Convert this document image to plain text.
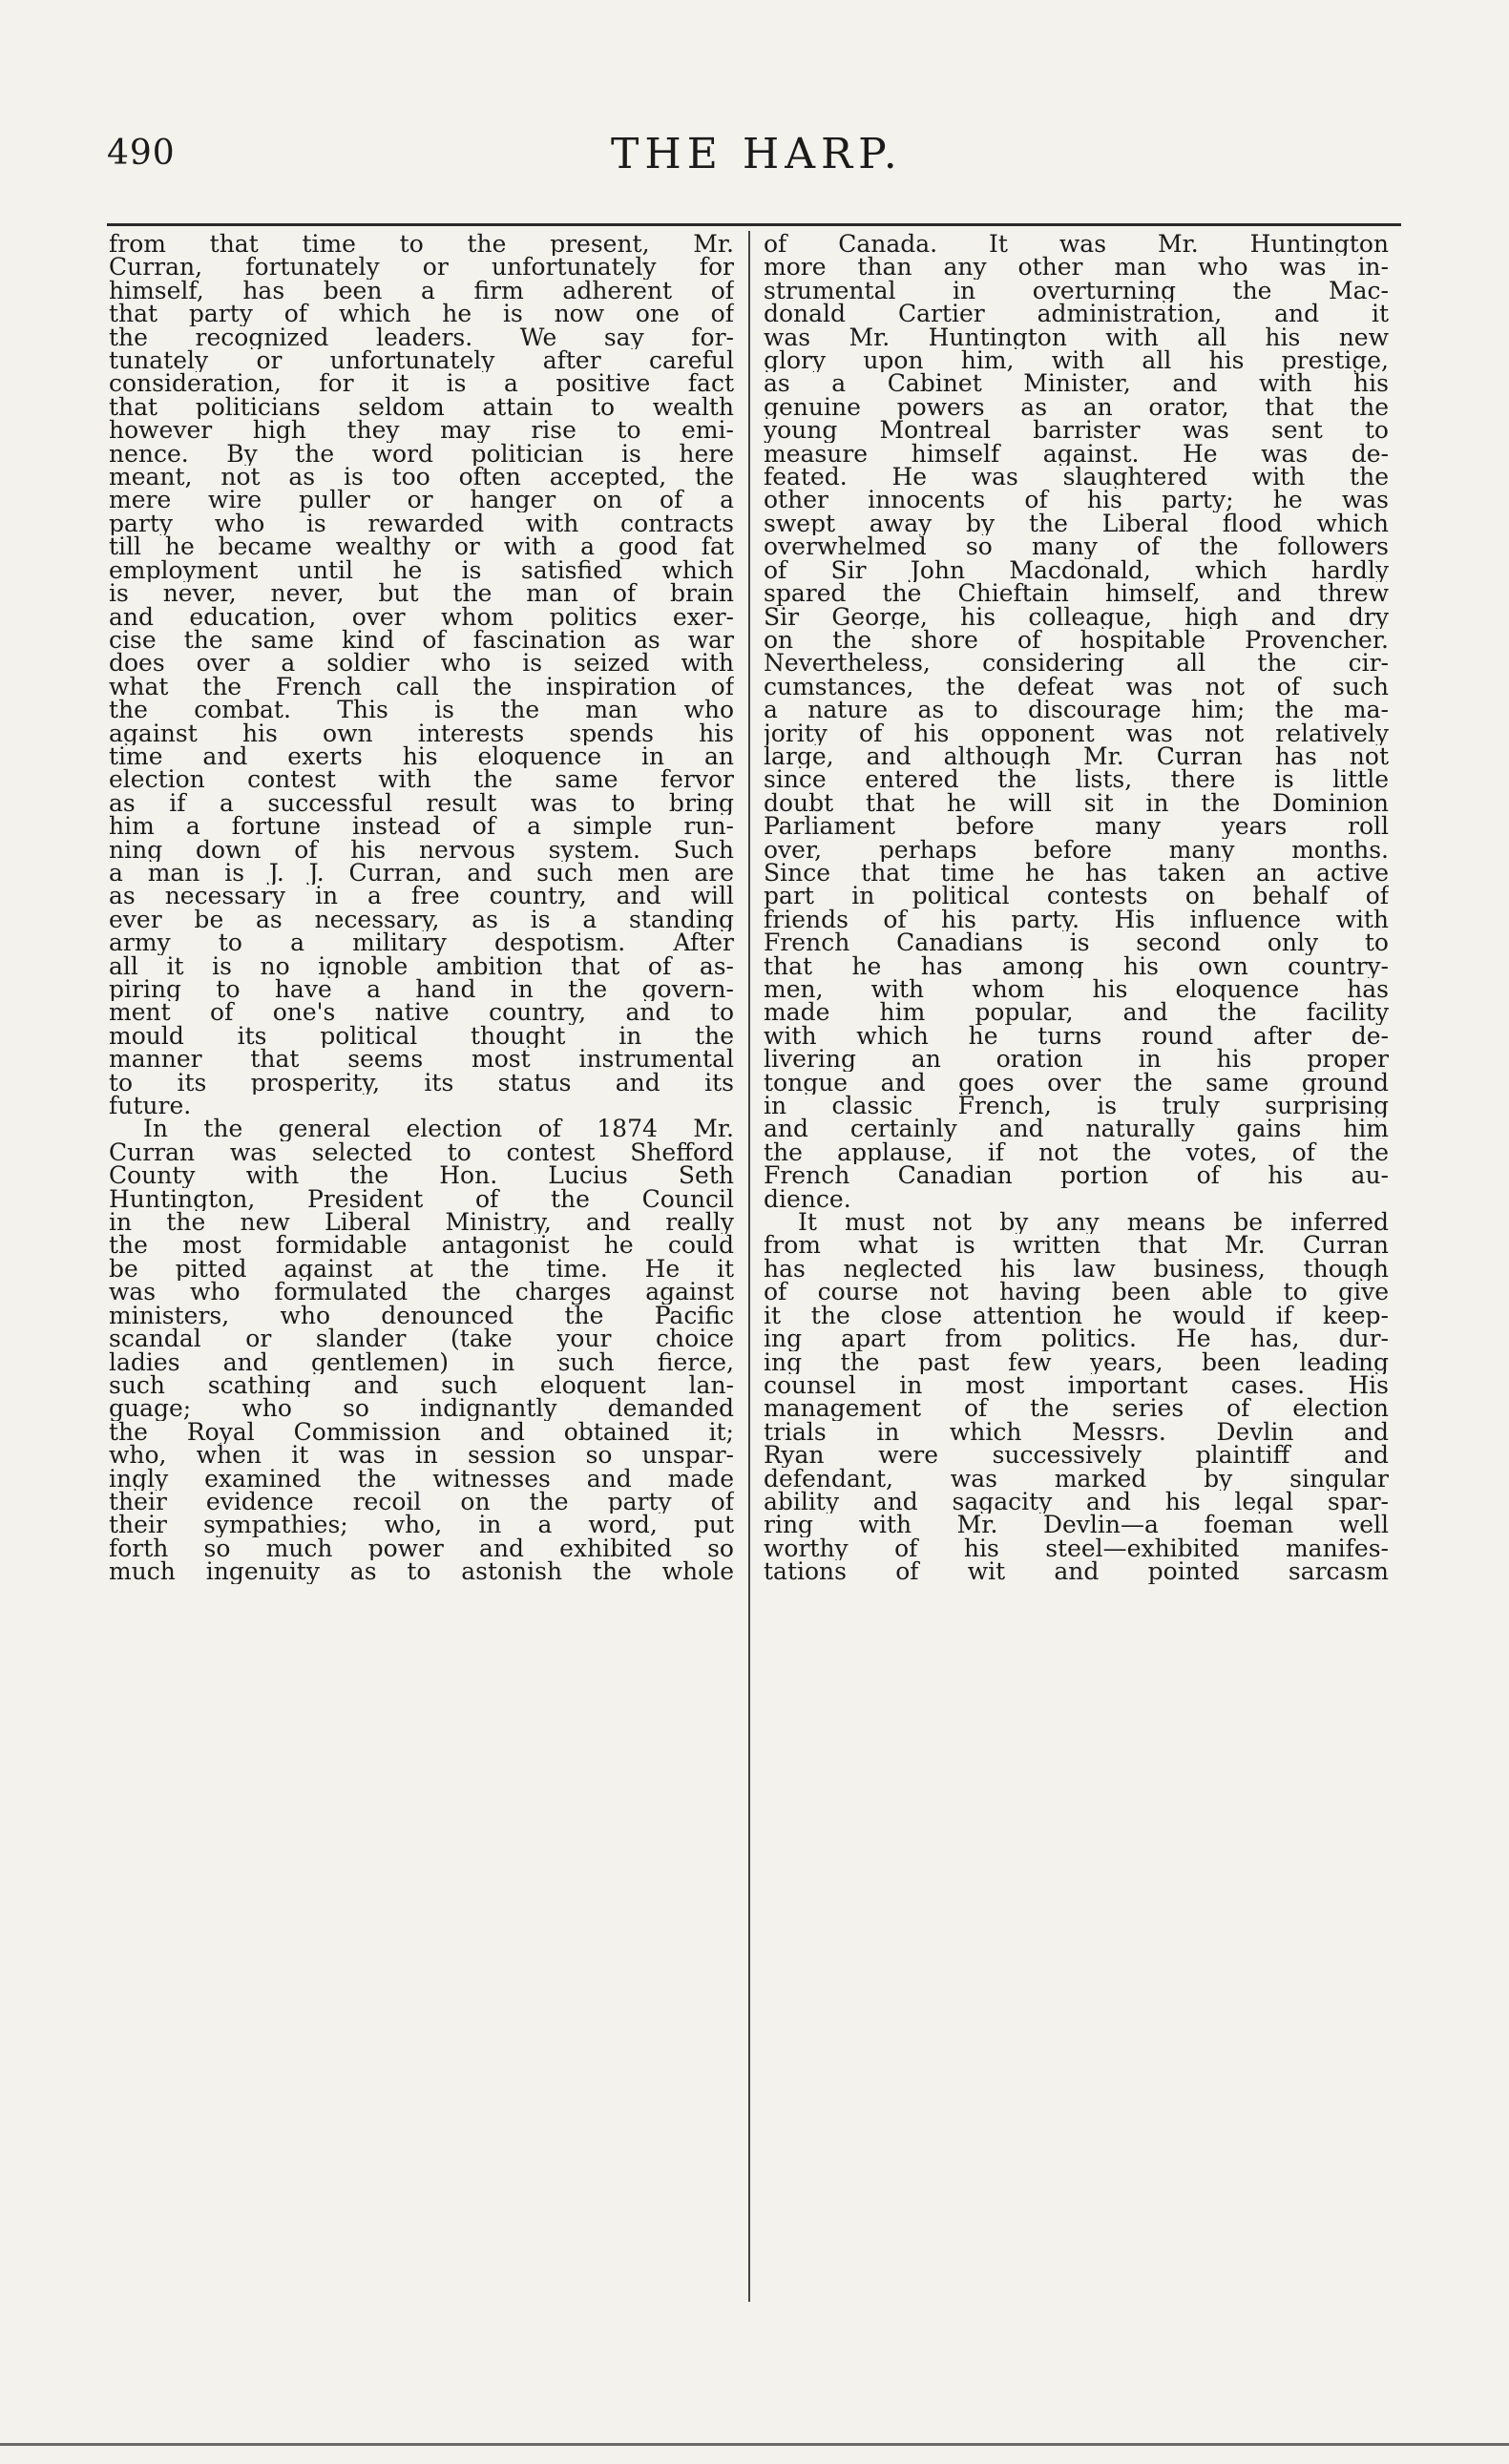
490	THE HARP.
from that time to the present, Mr.
Curran, fortunately or unfortunately for
himself, has been a firm adherent of
that party of which he is now one of
the recognized leaders. We say for-
tunately or unfortunately after careful
consideration, for it is a positive fact
that politicians seldom attain to wealth
however high they may rise to emi-
nence. By the word politician is here
meant, not as is too often accepted, the
mere wire puller or hanger on of a
party who is rewarded with contracts
till he became wealthy or with a good fat
employment until he is satisfied which
is never, never, but the man of brain
and education, over whom politics exer-
cise the same kind of fascination as war
does over a soldier who is seized with
what the French call the inspiration of
the combat. This is the man who
against his own interests spends his
time and exerts his eloquence in an
election contest with the same fervor
as if a successful result was to bring
him a fortune instead of a simple run-
ning down of his nervous system. Such
a man is J. J. Curran, and such men are
as necessary in a free country, and will
ever be as necessary, as is a standing
army to a military despotism. After
all it is no ignoble ambition that of as-
piring to have a hand in the govern-
ment of one's native country, and to
mould its political thought in the
manner that seems most instrumental
to its prosperity, its status and its
future.
In the general election of 1874 Mr.
Curran was selected to contest Shefford
County with the Hon. Lucius Seth
Huntington, President of the Council
in the new Liberal Ministry, and really
the most formidable antagonist he could
be pitted against at the time. He it
was who formulated the charges against
ministers, who denounced the Pacific
scandal or slander (take your choice
ladies and gentlemen) in such fierce,
such scathing and such eloquent lan-
guage; who so indignantly demanded
the Royal Commission and obtained it;
who, when it was in session so unspar-
ingly examined the witnesses and made
their evidence recoil on the party of
their sympathies; who, in a word, put
forth so much power and exhibited so
much ingenuity as to astonish the whole
of Canada. It was Mr. Huntington
more than any other man who was in-
strumental in overturning the Mac-
donald Cartier administration, and it
was Mr. Huntington with all his new
glory upon him, with all his prestige,
as a Cabinet Minister, and with his
genuine powers as an orator, that the
young Montreal barrister was sent to
measure himself against. He was de-
feated. He was slaughtered with the
other innocents of his party; he was
swept away by the Liberal flood which
overwhelmed so many of the followers
of Sir John Macdonald, which hardly
spared the Chieftain himself, and threw
Sir George, his colleague, high and dry
on the shore of hospitable Provencher.
Nevertheless, considering all the cir-
cumstances, the defeat was not of such
a nature as to discourage him; the ma-
jority of his opponent was not relatively
large, and although Mr. Curran has not
since entered the lists, there is little
doubt that he will sit in the Dominion
Parliament before many years roll
over, perhaps before many months.
Since that time he has taken an active
part in political contests on behalf of
friends of his party. His influence with
French Canadians is second only to
that he has among his own country-
men, with whom his eloquence has
made him popular, and the facility
with which he turns round after de-
livering an oration in his proper
tongue and goes over the same ground
in classic French, is truly surprising
and certainly and naturally gains him
the applause, if not the votes, of the
French Canadian portion of his au-
dience.
It must not by any means be inferred
from what is written that Mr. Curran
has neglected his law business, though
of course not having been able to give
it the close attention he would if keep-
ing apart from politics. He has, dur-
ing the past few years, been leading
counsel in most important cases. His
management of the series of election
trials in which Messrs. Devlin and
Ryan were successively plaintiff and
defendant, was marked by singular
ability and sagacity and his legal spar-
ring with Mr. Devlin—a foeman well
worthy of his steel—exhibited manifes-
tations of wit and pointed sarcasm
